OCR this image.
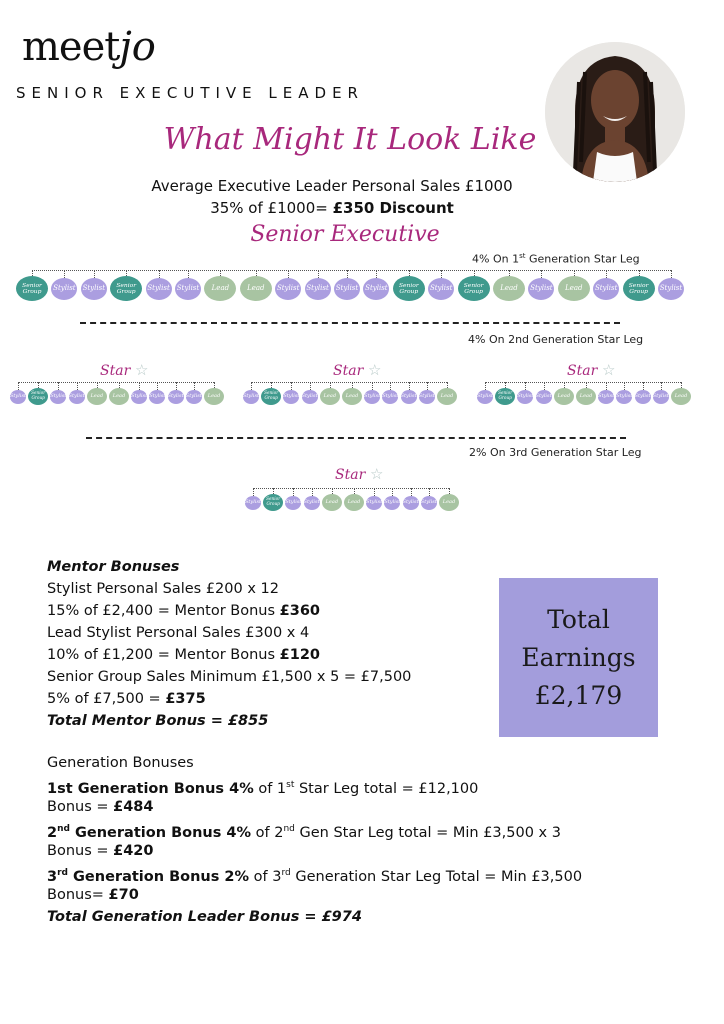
meetjo
SENIOR EXECUTIVE LEADER
What Might It Look Like
Average Executive Leader Personal Sales £1000
35% of £1000= £350 Discount
Senior Executive
4% On 1st Generation Star Leg
Senior Group	Stylist Stylist	Senior Group	Stylist Stylist	Lead	Lead	Stylist Stylist Stylist Stylist	Senior Group	Stylist	Senior Group	Lead	Stylist	Lead	Stylist	Senior Group	Stylist
4% On 2nd Generation Star Leg
Stylist	Senior Group	Stylist Stylist	Lead	Lead	Stylist Stylist Stylist Stylist	Lead
Star ☆
Stylist	Senior Group	Stylist Stylist	Lead	Lead	Stylist Stylist Stylist Stylist	Lead
Star ☆
Stylist	Senior Group	Stylist Stylist	Lead	Lead	Stylist Stylist Stylist Stylist	Lead
Star ☆
Stylist	Senior Group	Stylist Stylist	Lead	Lead	Stylist Stylist Stylist Stylist	Lead
Star ☆
2% On 3rd Generation Star Leg
Mentor Bonuses
Stylist Personal Sales £200 x 12
15% of £2,400 = Mentor Bonus £360
Lead Stylist Personal Sales £300 x 4
10% of £1,200 = Mentor Bonus £120
Senior Group Sales Minimum £1,500 x 5 = £7,500
5% of £7,500 = £375
Total Mentor Bonus = £855
Generation Bonuses
1st Generation Bonus 4% of 1st Star Leg total = £12,100
Bonus = £484
2nd Generation Bonus 4% of 2nd Gen Star Leg total = Min £3,500 x 3
Bonus = £420
3rd Generation Bonus 2% of 3rd Generation Star Leg Total = Min £3,500
Bonus= £70
Total Generation Leader Bonus = £974
Total
Earnings
£2,179
